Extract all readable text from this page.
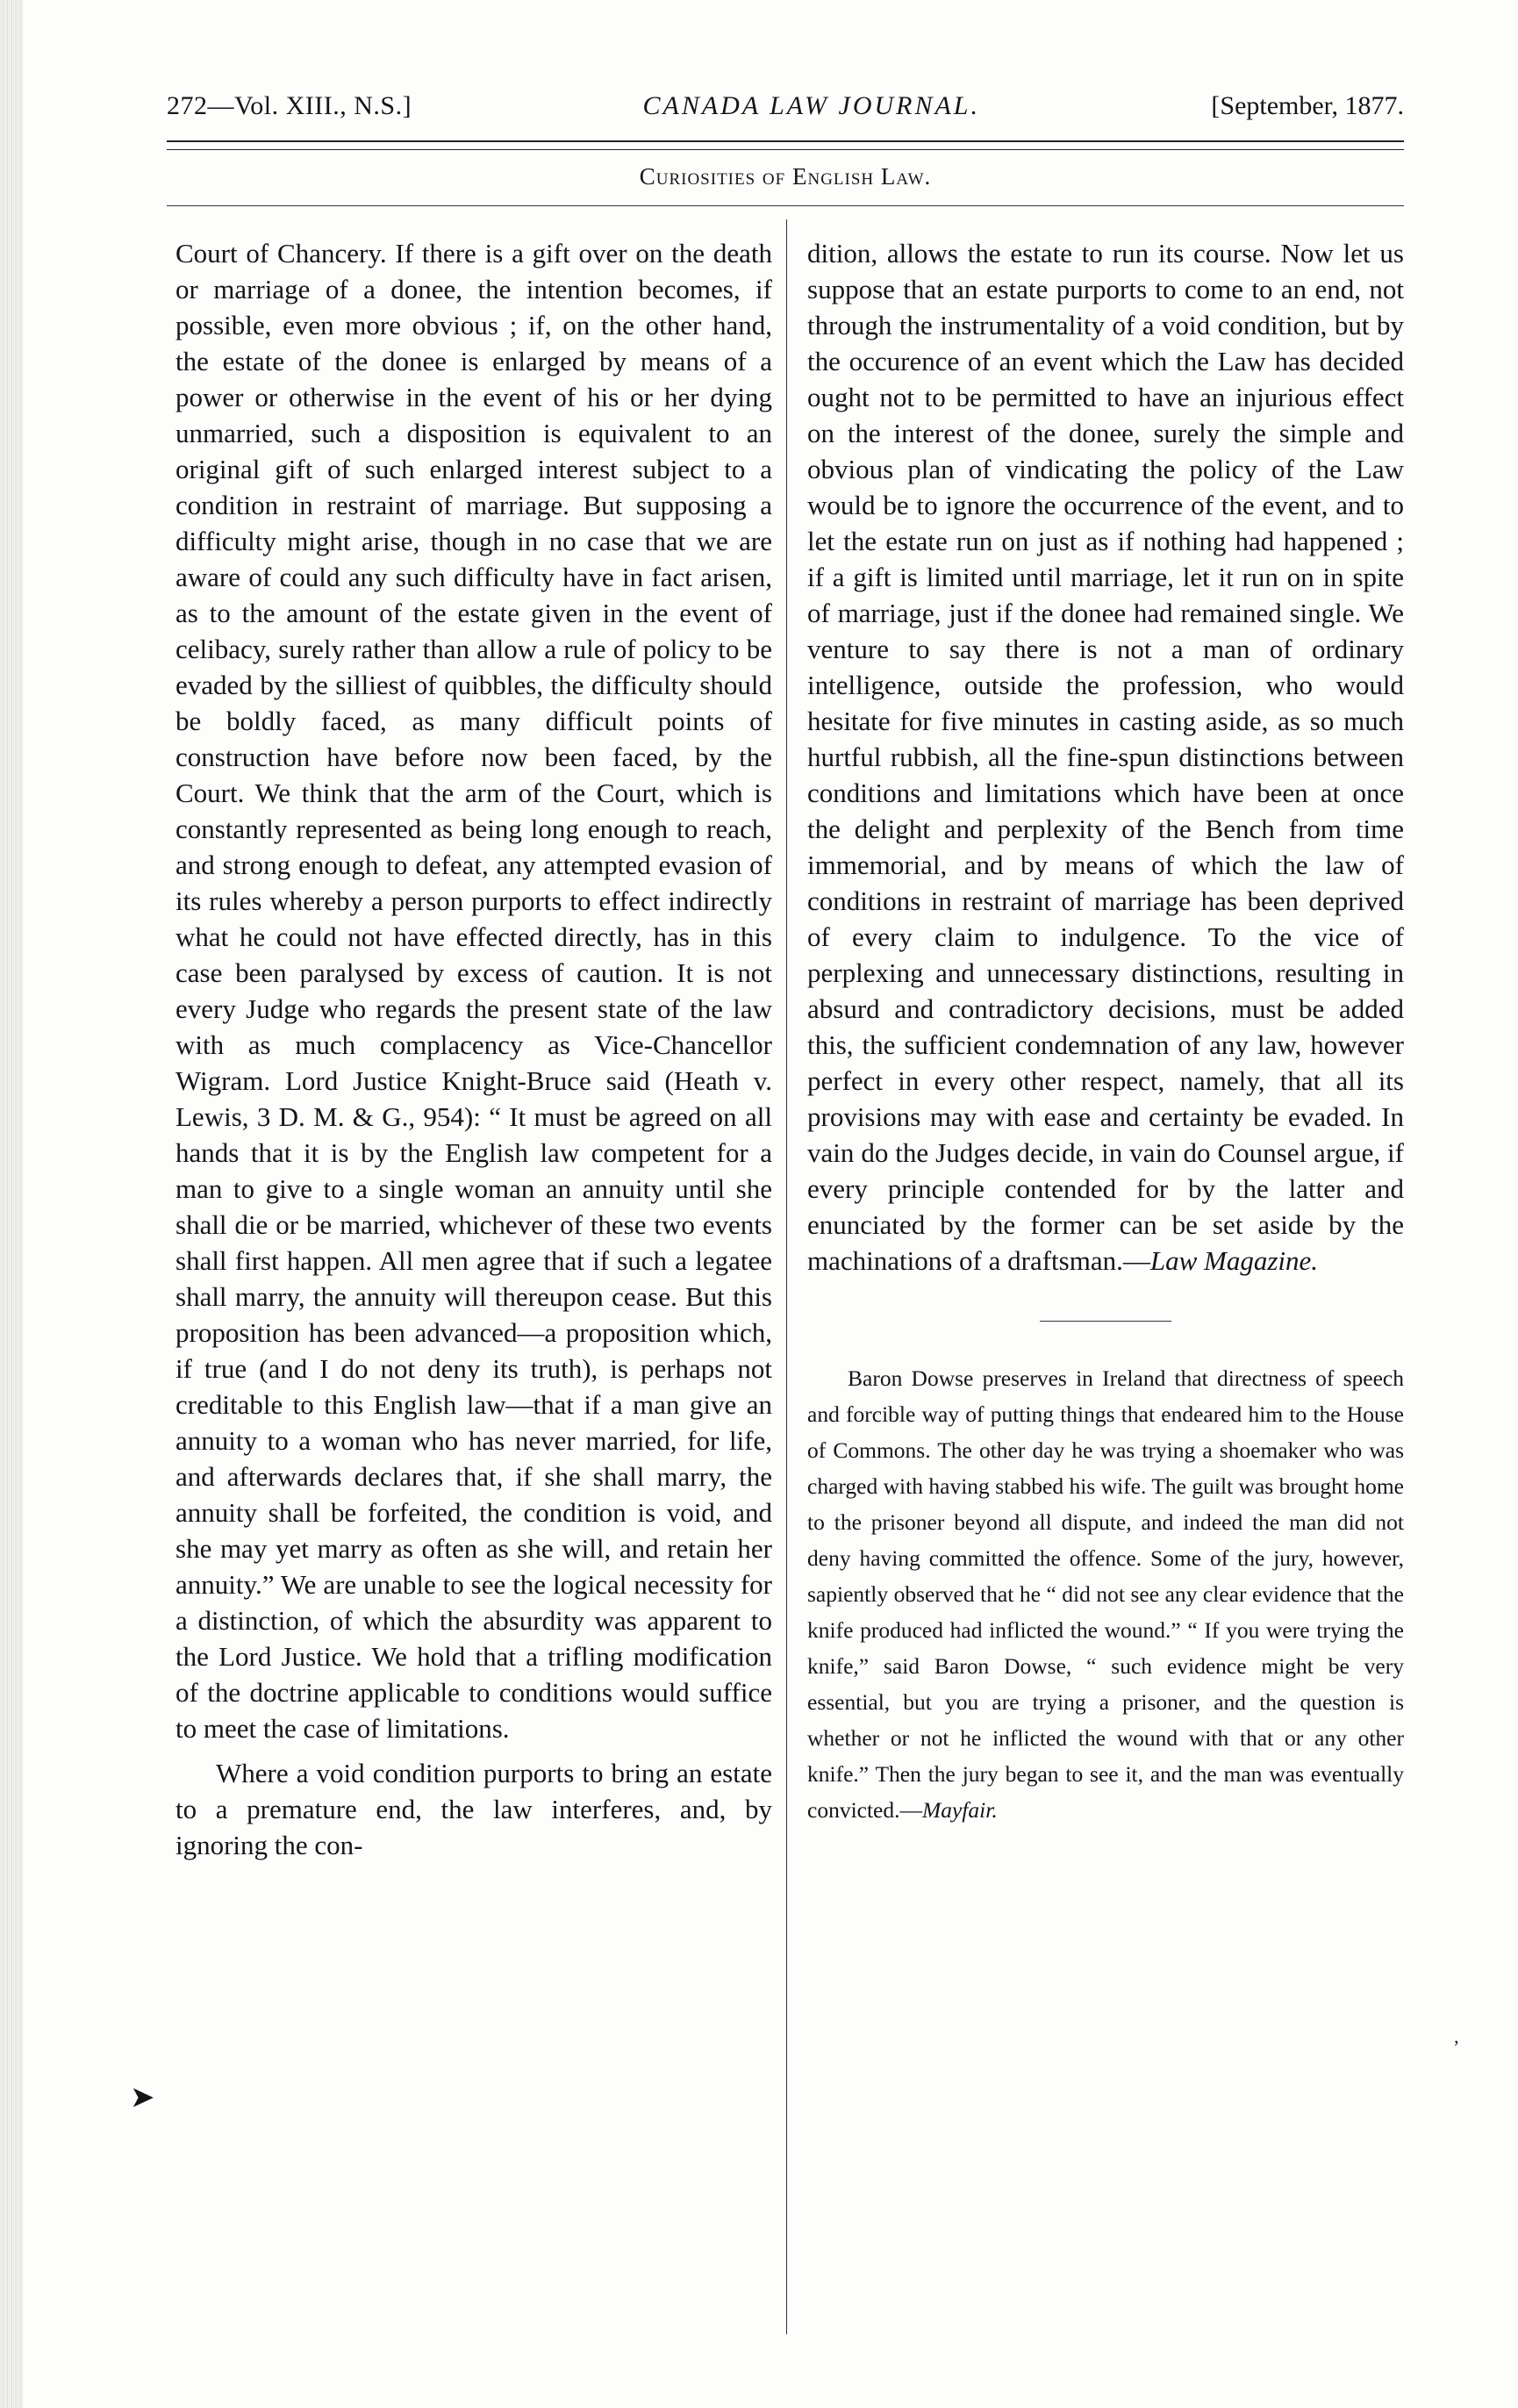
272—Vol. XIII., N.S.]	CANADA LAW JOURNAL.	[September, 1877.
Curiosities of English Law.

Court of Chancery. If there is a gift over on the death or marriage of a donee, the intention becomes, if possible, even more obvious ; if, on the other hand, the estate of the donee is enlarged by means of a power or otherwise in the event of his or her dying unmarried, such a disposition is equivalent to an original gift of such enlarged interest subject to a condition in restraint of marriage. But supposing a difficulty might arise, though in no case that we are aware of could any such difficulty have in fact arisen, as to the amount of the estate given in the event of celibacy, surely rather than allow a rule of policy to be evaded by the silliest of quibbles, the difficulty should be boldly faced, as many difficult points of construction have before now been faced, by the Court. We think that the arm of the Court, which is constantly represented as being long enough to reach, and strong enough to defeat, any attempted evasion of its rules whereby a person purports to effect indirectly what he could not have effected directly, has in this case been paralysed by excess of caution. It is not every Judge who regards the present state of the law with as much complacency as Vice-Chancellor Wigram. Lord Justice Knight-Bruce said (Heath v. Lewis, 3 D. M. & G., 954): “ It must be agreed on all hands that it is by the English law competent for a man to give to a single woman an annuity until she shall die or be married, whichever of these two events shall first happen. All men agree that if such a legatee shall marry, the annuity will thereupon cease. But this proposition has been advanced—a proposition which, if true (and I do not deny its truth), is perhaps not creditable to this English law—that if a man give an annuity to a woman who has never married, for life, and afterwards declares that, if she shall marry, the annuity shall be forfeited, the condition is void, and she may yet marry as often as she will, and retain her annuity.” We are unable to see the logical necessity for a distinction, of which the absurdity was apparent to the Lord Justice. We hold that a trifling modification of the doctrine applicable to conditions would suffice to meet the case of limitations.

Where a void condition purports to bring an estate to a premature end, the law interferes, and, by ignoring the con-

dition, allows the estate to run its course. Now let us suppose that an estate purports to come to an end, not through the instrumentality of a void condition, but by the occurence of an event which the Law has decided ought not to be permitted to have an injurious effect on the interest of the donee, surely the simple and obvious plan of vindicating the policy of the Law would be to ignore the occurrence of the event, and to let the estate run on just as if nothing had happened ; if a gift is limited until marriage, let it run on in spite of marriage, just if the donee had remained single. We venture to say there is not a man of ordinary intelligence, outside the profession, who would hesitate for five minutes in casting aside, as so much hurtful rubbish, all the fine-spun distinctions between conditions and limitations which have been at once the delight and perplexity of the Bench from time immemorial, and by means of which the law of conditions in restraint of marriage has been deprived of every claim to indulgence. To the vice of perplexing and unnecessary distinctions, resulting in absurd and contradictory decisions, must be added this, the sufficient condemnation of any law, however perfect in every other respect, namely, that all its provisions may with ease and certainty be evaded. In vain do the Judges decide, in vain do Counsel argue, if every principle contended for by the latter and enunciated by the former can be set aside by the machinations of a draftsman.—Law Magazine.

Baron Dowse preserves in Ireland that directness of speech and forcible way of putting things that endeared him to the House of Commons. The other day he was trying a shoemaker who was charged with having stabbed his wife. The guilt was brought home to the prisoner beyond all dispute, and indeed the man did not deny having committed the offence. Some of the jury, however, sapiently observed that he “ did not see any clear evidence that the knife produced had inflicted the wound.” “ If you were trying the knife,” said Baron Dowse, “ such evidence might be very essential, but you are trying a prisoner, and the question is whether or not he inflicted the wound with that or any other knife.” Then the jury began to see it, and the man was eventually convicted.—Mayfair.

➤
’
